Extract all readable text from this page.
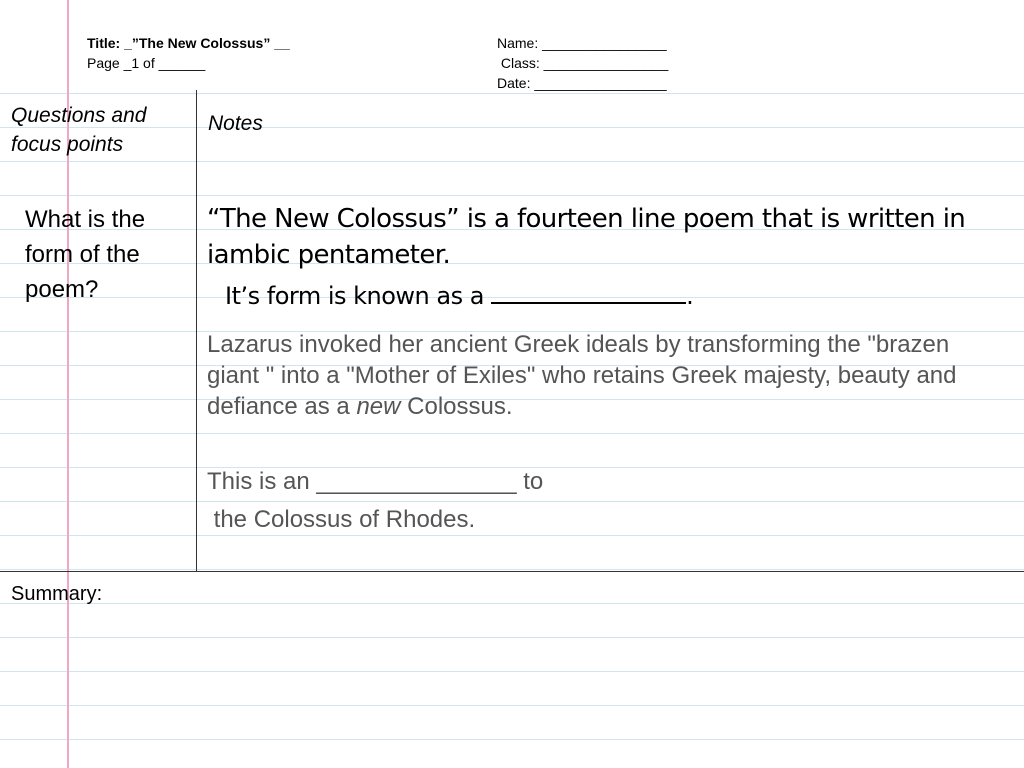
Title: _”The New Colossus” __
Page _1 of ______
Name: ________________
Class: ________________
Date: _________________
Questions and focus points
Notes
What is the form of the poem?
“The New Colossus” is a fourteen line poem that is written in iambic pentameter.
It’s form is known as a	.
Lazarus invoked her ancient Greek ideals by transforming the "brazen giant " into a "Mother of Exiles" who retains Greek majesty, beauty and defiance as a new Colossus.
This is an _______________ to
the Colossus of Rhodes.
Summary:
